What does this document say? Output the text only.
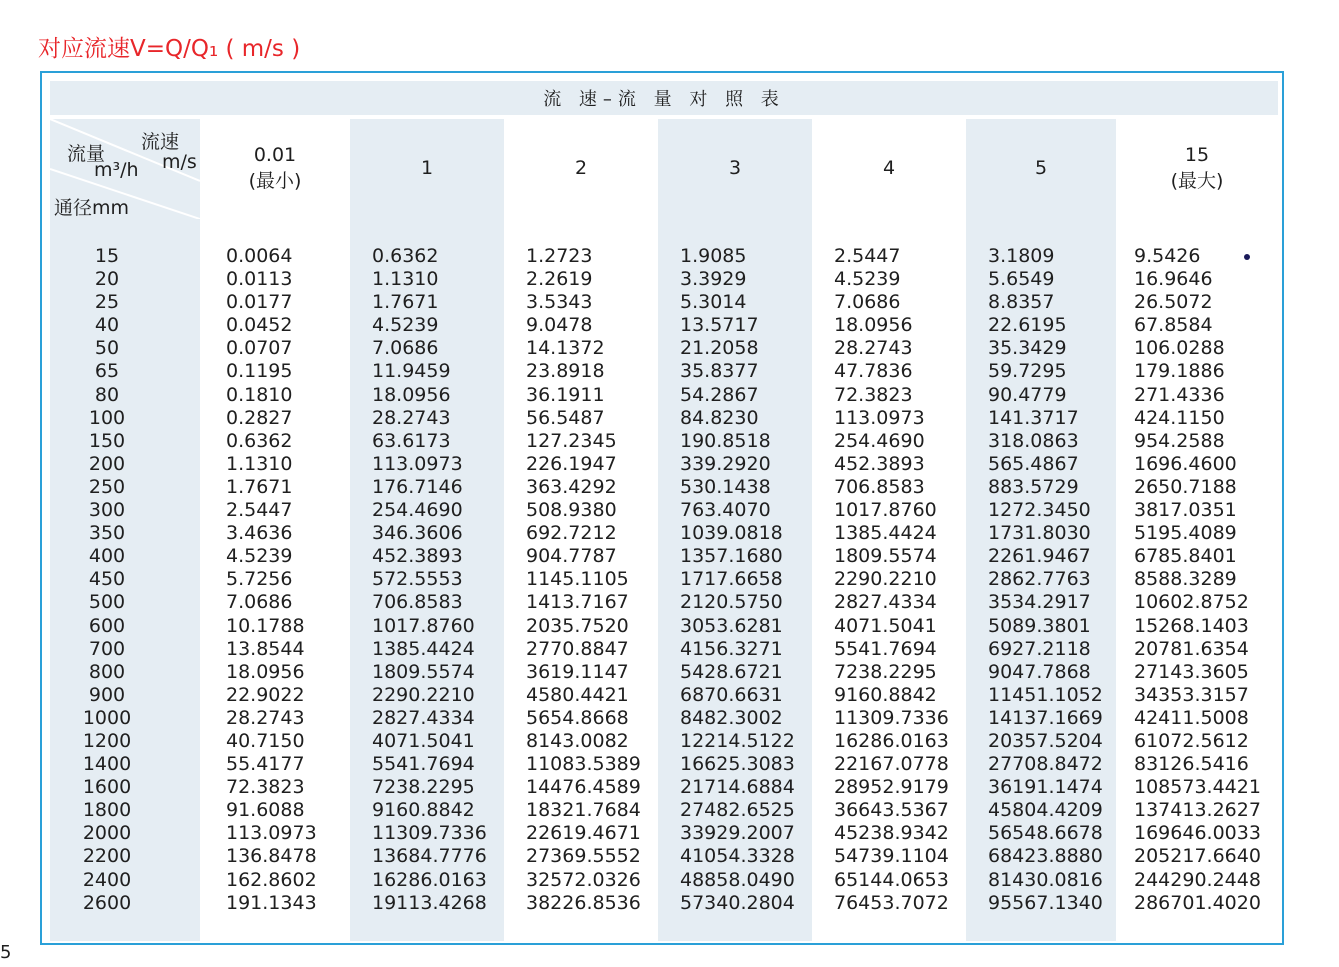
对应流速V=Q/Q₁ ( m/s )
流 速–流 量 对 照 表
流速
m/s
流量
m³/h
通径mm
15
20
25
40
50
65
80
100
150
200
250
300
350
400
450
500
600
700
800
900
1000
1200
1400
1600
1800
2000
2200
2400
2600
0.01
(最小)
0.0064
0.0113
0.0177
0.0452
0.0707
0.1195
0.1810
0.2827
0.6362
1.1310
1.7671
2.5447
3.4636
4.5239
5.7256
7.0686
10.1788
13.8544
18.0956
22.9022
28.2743
40.7150
55.4177
72.3823
91.6088
113.0973
136.8478
162.8602
191.1343
1
0.6362
1.1310
1.7671
4.5239
7.0686
11.9459
18.0956
28.2743
63.6173
113.0973
176.7146
254.4690
346.3606
452.3893
572.5553
706.8583
1017.8760
1385.4424
1809.5574
2290.2210
2827.4334
4071.5041
5541.7694
7238.2295
9160.8842
11309.7336
13684.7776
16286.0163
19113.4268
2
1.2723
2.2619
3.5343
9.0478
14.1372
23.8918
36.1911
56.5487
127.2345
226.1947
363.4292
508.9380
692.7212
904.7787
1145.1105
1413.7167
2035.7520
2770.8847
3619.1147
4580.4421
5654.8668
8143.0082
11083.5389
14476.4589
18321.7684
22619.4671
27369.5552
32572.0326
38226.8536
3
1.9085
3.3929
5.3014
13.5717
21.2058
35.8377
54.2867
84.8230
190.8518
339.2920
530.1438
763.4070
1039.0818
1357.1680
1717.6658
2120.5750
3053.6281
4156.3271
5428.6721
6870.6631
8482.3002
12214.5122
16625.3083
21714.6884
27482.6525
33929.2007
41054.3328
48858.0490
57340.2804
4
2.5447
4.5239
7.0686
18.0956
28.2743
47.7836
72.3823
113.0973
254.4690
452.3893
706.8583
1017.8760
1385.4424
1809.5574
2290.2210
2827.4334
4071.5041
5541.7694
7238.2295
9160.8842
11309.7336
16286.0163
22167.0778
28952.9179
36643.5367
45238.9342
54739.1104
65144.0653
76453.7072
5
3.1809
5.6549
8.8357
22.6195
35.3429
59.7295
90.4779
141.3717
318.0863
565.4867
883.5729
1272.3450
1731.8030
2261.9467
2862.7763
3534.2917
5089.3801
6927.2118
9047.7868
11451.1052
14137.1669
20357.5204
27708.8472
36191.1474
45804.4209
56548.6678
68423.8880
81430.0816
95567.1340
15
(最大)
9.5426
16.9646
26.5072
67.8584
106.0288
179.1886
271.4336
424.1150
954.2588
1696.4600
2650.7188
3817.0351
5195.4089
6785.8401
8588.3289
10602.8752
15268.1403
20781.6354
27143.3605
34353.3157
42411.5008
61072.5612
83126.5416
108573.4421
137413.2627
169646.0033
205217.6640
244290.2448
286701.4020
5
